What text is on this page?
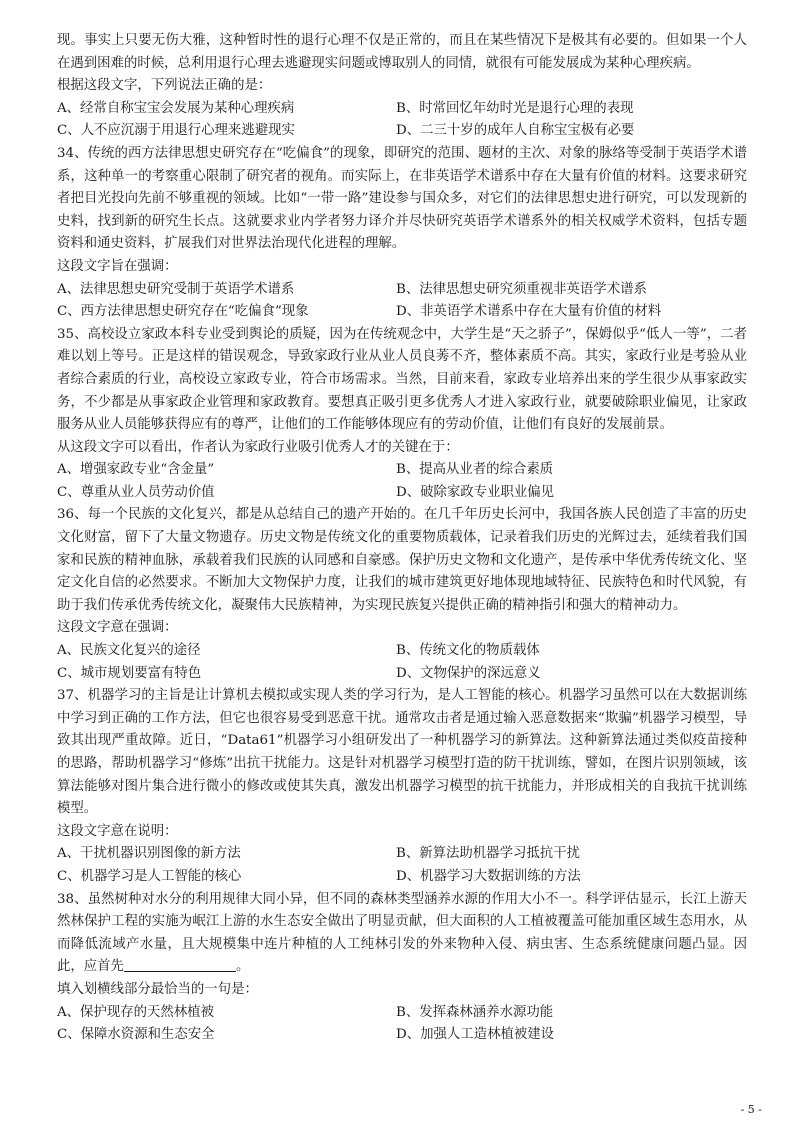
现。事实上只要无伤大雅，这种暂时性的退行心理不仅是正常的，而且在某些情况下是极其有必要的。但如果一个人在遇到困难的时候，总利用退行心理去逃避现实问题或博取别人的同情，就很有可能发展成为某种心理疾病。

根据这段文字，下列说法正确的是：
A、经常自称宝宝会发展为某种心理疾病	B、时常回忆年幼时光是退行心理的表现
C、人不应沉溺于用退行心理来逃避现实	D、二三十岁的成年人自称宝宝极有必要

34、传统的西方法律思想史研究存在“吃偏食”的现象，即研究的范围、题材的主次、对象的脉络等受制于英语学术谱系，这种单一的考察重心限制了研究者的视角。而实际上，在非英语学术谱系中存在大量有价值的材料。这要求研究者把目光投向先前不够重视的领域。比如“一带一路”建设参与国众多，对它们的法律思想史进行研究，可以发现新的史料，找到新的研究生长点。这就要求业内学者努力译介并尽快研究英语学术谱系外的相关权威学术资料，包括专题资料和通史资料，扩展我们对世界法治现代化进程的理解。

这段文字旨在强调：
A、法律思想史研究受制于英语学术谱系	B、法律思想史研究须重视非英语学术谱系
C、西方法律思想史研究存在“吃偏食”现象	D、非英语学术谱系中存在大量有价值的材料

35、高校设立家政本科专业受到舆论的质疑，因为在传统观念中，大学生是“天之骄子”，保姆似乎“低人一等”，二者难以划上等号。正是这样的错误观念，导致家政行业从业人员良莠不齐，整体素质不高。其实，家政行业是考验从业者综合素质的行业，高校设立家政专业，符合市场需求。当然，目前来看，家政专业培养出来的学生很少从事家政实务，不少都是从事家政企业管理和家政教育。要想真正吸引更多优秀人才进入家政行业，就要破除职业偏见，让家政服务从业人员能够获得应有的尊严，让他们的工作能够体现应有的劳动价值，让他们有良好的发展前景。

从这段文字可以看出，作者认为家政行业吸引优秀人才的关键在于：
A、增强家政专业“含金量”	B、提高从业者的综合素质
C、尊重从业人员劳动价值	D、破除家政专业职业偏见

36、每一个民族的文化复兴，都是从总结自己的遗产开始的。在几千年历史长河中，我国各族人民创造了丰富的历史文化财富，留下了大量文物遗存。历史文物是传统文化的重要物质载体，记录着我们历史的光辉过去，延续着我们国家和民族的精神血脉，承载着我们民族的认同感和自豪感。保护历史文物和文化遗产，是传承中华优秀传统文化、坚定文化自信的必然要求。不断加大文物保护力度，让我们的城市建筑更好地体现地域特征、民族特色和时代风貌，有助于我们传承优秀传统文化，凝聚伟大民族精神，为实现民族复兴提供正确的精神指引和强大的精神动力。

这段文字意在强调：
A、民族文化复兴的途径	B、传统文化的物质载体
C、城市规划要富有特色	D、文物保护的深远意义

37、机器学习的主旨是让计算机去模拟或实现人类的学习行为，是人工智能的核心。机器学习虽然可以在大数据训练中学习到正确的工作方法，但它也很容易受到恶意干扰。通常攻击者是通过输入恶意数据来“欺骗”机器学习模型，导致其出现严重故障。近日，“Data61”机器学习小组研发出了一种机器学习的新算法。这种新算法通过类似疫苗接种的思路，帮助机器学习“修炼”出抗干扰能力。这是针对机器学习模型打造的防干扰训练，譬如，在图片识别领域，该算法能够对图片集合进行微小的修改或使其失真，激发出机器学习模型的抗干扰能力，并形成相关的自我抗干扰训练模型。

这段文字意在说明：
A、干扰机器识别图像的新方法	B、新算法助机器学习抵抗干扰
C、机器学习是人工智能的核心	D、机器学习大数据训练的方法

38、虽然树种对水分的利用规律大同小异，但不同的森林类型涵养水源的作用大小不一。科学评估显示，长江上游天然林保护工程的实施为岷江上游的水生态安全做出了明显贡献，但大面积的人工植被覆盖可能加重区域生态用水，从而降低流域产水量，且大规模集中连片种植的人工纯林引发的外来物种入侵、病虫害、生态系统健康问题凸显。因此，应首先	。

填入划横线部分最恰当的一句是：
A、保护现存的天然林植被	B、发挥森林涵养水源功能
C、保障水资源和生态安全	D、加强人工造林植被建设
- 5 -
